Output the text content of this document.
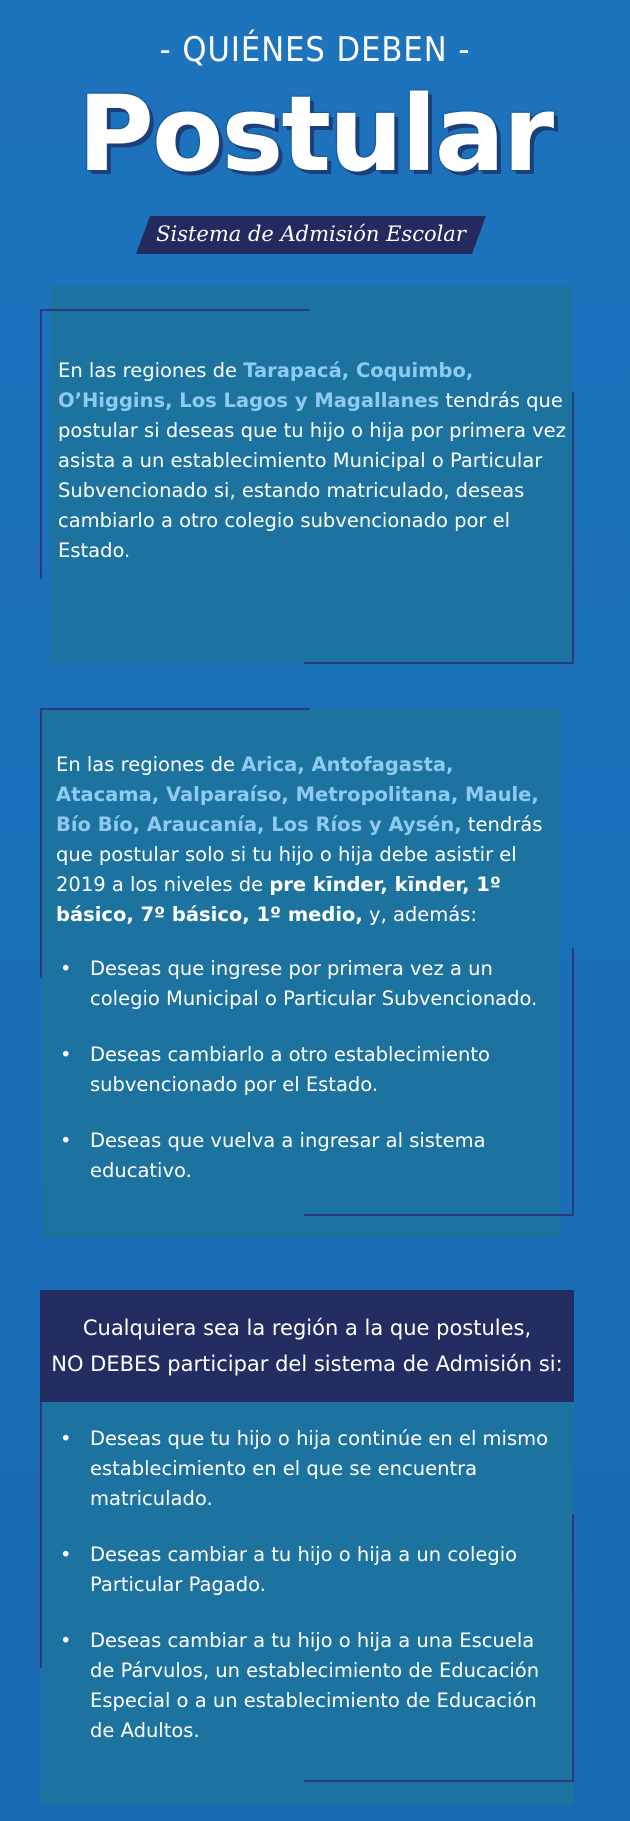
- QUIÉNES DEBEN -
Postular
Sistema de Admisión Escolar
En las regiones de Tarapacá, Coquimbo, O’Higgins, Los Lagos y Magallanes tendrás que postular si deseas que tu hijo o hija por primera vez asista a un establecimiento Municipal o Particular Subvencionado si, estando matriculado, deseas cambiarlo a otro colegio subvencionado por el Estado.
En las regiones de Arica, Antofagasta, Atacama, Valparaíso, Metropolitana, Maule, Bío Bío, Araucanía, Los Ríos y Aysén, tendrás que postular solo si tu hijo o hija debe asistir el 2019 a los niveles de pre kīnder, kīnder, 1º básico, 7º básico, 1º medio, y, además:
• Deseas que ingrese por primera vez a un colegio Municipal o Particular Subvencionado.
• Deseas cambiarlo a otro establecimiento subvencionado por el Estado.
• Deseas que vuelva a ingresar al sistema educativo.
Cualquiera sea la región a la que postules,
NO DEBES participar del sistema de Admisión si:
• Deseas que tu hijo o hija continúe en el mismo establecimiento en el que se encuentra matriculado.
• Deseas cambiar a tu hijo o hija a un colegio Particular Pagado.
• Deseas cambiar a tu hijo o hija a una Escuela de Párvulos, un establecimiento de Educación Especial o a un establecimiento de Educación de Adultos.
